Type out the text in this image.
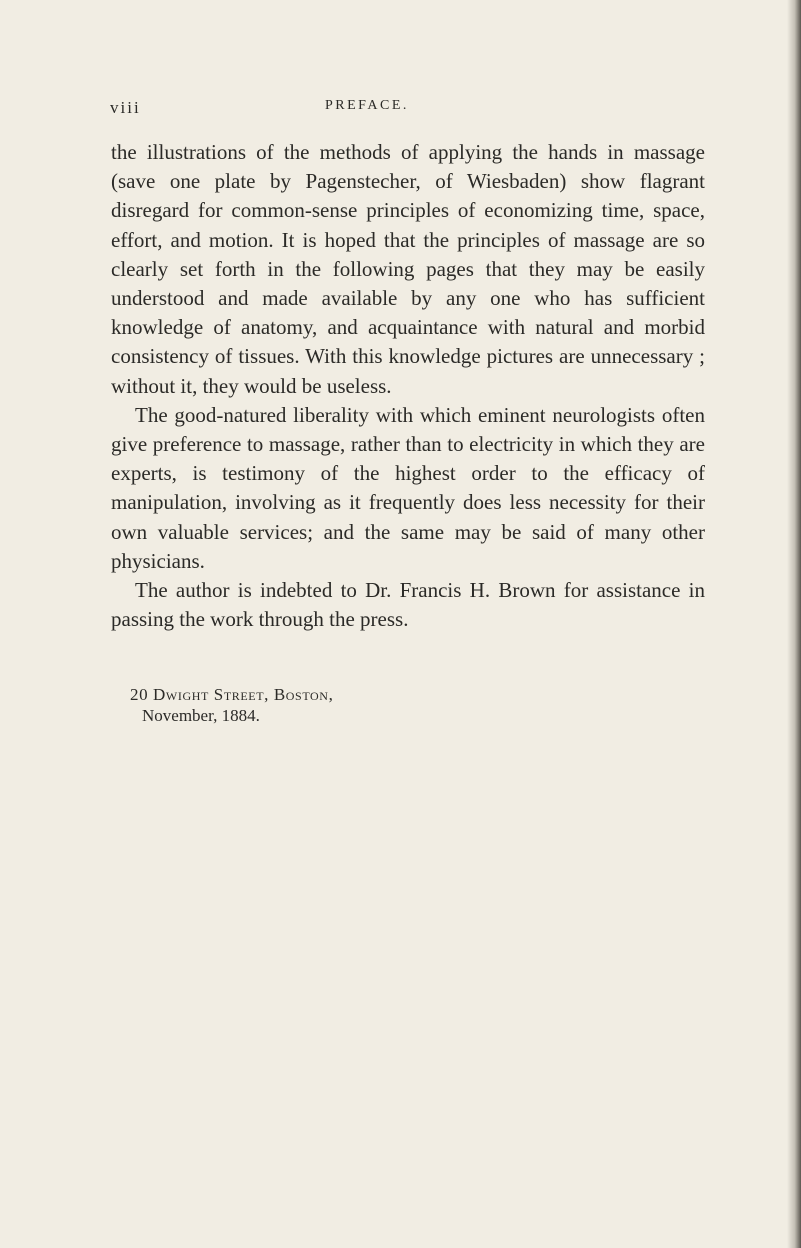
viii	PREFACE.

the illustrations of the methods of applying the hands in massage (save one plate by Pagenstecher, of Wiesbaden) show flagrant disregard for common-sense principles of economizing time, space, effort, and motion. It is hoped that the principles of massage are so clearly set forth in the following pages that they may be easily understood and made available by any one who has sufficient knowledge of anatomy, and acquaintance with natural and morbid consistency of tissues. With this knowledge pictures are unnecessary ; without it, they would be useless.

The good-natured liberality with which eminent neurologists often give preference to massage, rather than to electricity in which they are experts, is testimony of the highest order to the efficacy of manipulation, involving as it frequently does less necessity for their own valuable services; and the same may be said of many other physicians.

The author is indebted to Dr. Francis H. Brown for assistance in passing the work through the press.

20 Dwight Street, Boston,
November, 1884.
